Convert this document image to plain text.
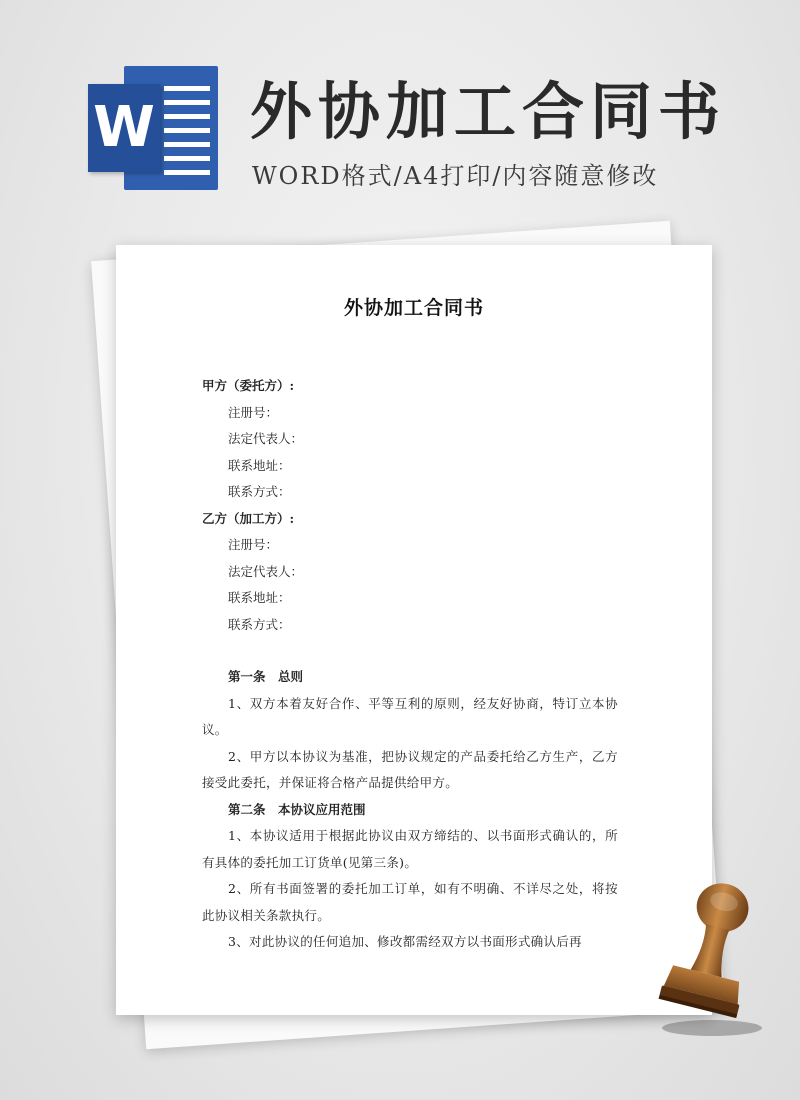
W 外协加工合同书
WORD格式/A4打印/内容随意修改
外协加工合同书
甲方（委托方）:
注册号：
法定代表人：
联系地址：
联系方式：
乙方（加工方）:
注册号：
法定代表人：
联系地址：
联系方式：
第一条　总则
1、双方本着友好合作、平等互利的原则，经友好协商，特订立本协议。
2、甲方以本协议为基准，把协议规定的产品委托给乙方生产，乙方接受此委托，并保证将合格产品提供给甲方。
第二条　本协议应用范围
1、本协议适用于根据此协议由双方缔结的、以书面形式确认的，所有具体的委托加工订货单(见第三条)。
2、所有书面签署的委托加工订单，如有不明确、不详尽之处，将按此协议相关条款执行。
3、对此协议的任何追加、修改都需经双方以书面形式确认后再
